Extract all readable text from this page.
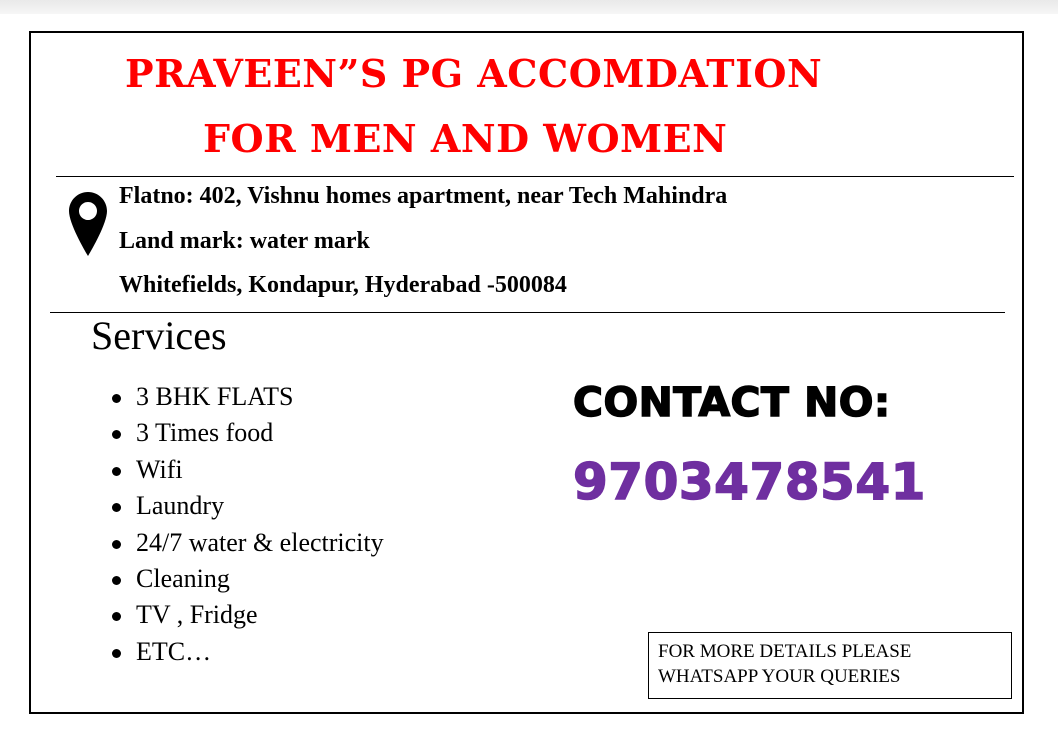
PRAVEEN”S PG ACCOMDATION
FOR MEN AND WOMEN
Flatno: 402, Vishnu homes apartment, near Tech Mahindra
Land mark: water mark
Whitefields, Kondapur, Hyderabad -500084
Services
3 BHK FLATS
3 Times food
Wifi
Laundry
24/7 water & electricity
Cleaning
TV , Fridge
ETC…
CONTACT NO:
9703478541
FOR MORE DETAILS PLEASE
WHATSAPP YOUR QUERIES
